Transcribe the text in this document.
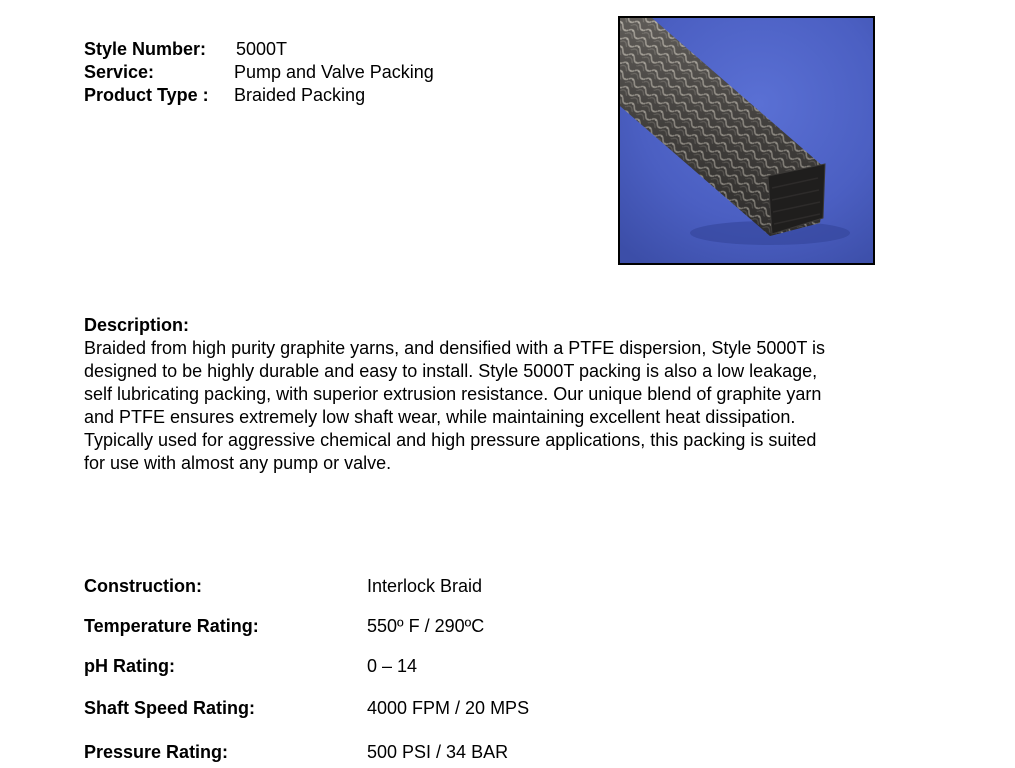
Style Number: 5000T
Service:	Pump and Valve Packing
Product Type : Braided Packing
Description:

Braided from high purity graphite yarns, and densified with a PTFE dispersion, Style 5000T is
designed to be highly durable and easy to install. Style 5000T packing is also a low leakage,
self lubricating packing, with superior extrusion resistance. Our unique blend of graphite yarn
and PTFE ensures extremely low shaft wear, while maintaining excellent heat dissipation.
Typically used for aggressive chemical and high pressure applications, this packing is suited
for use with almost any pump or valve.

Construction:	Interlock Braid
Temperature Rating:	550º F / 290ºC
pH Rating:	0 – 14
Shaft Speed Rating:	4000 FPM / 20 MPS
Pressure Rating:	500 PSI / 34 BAR
